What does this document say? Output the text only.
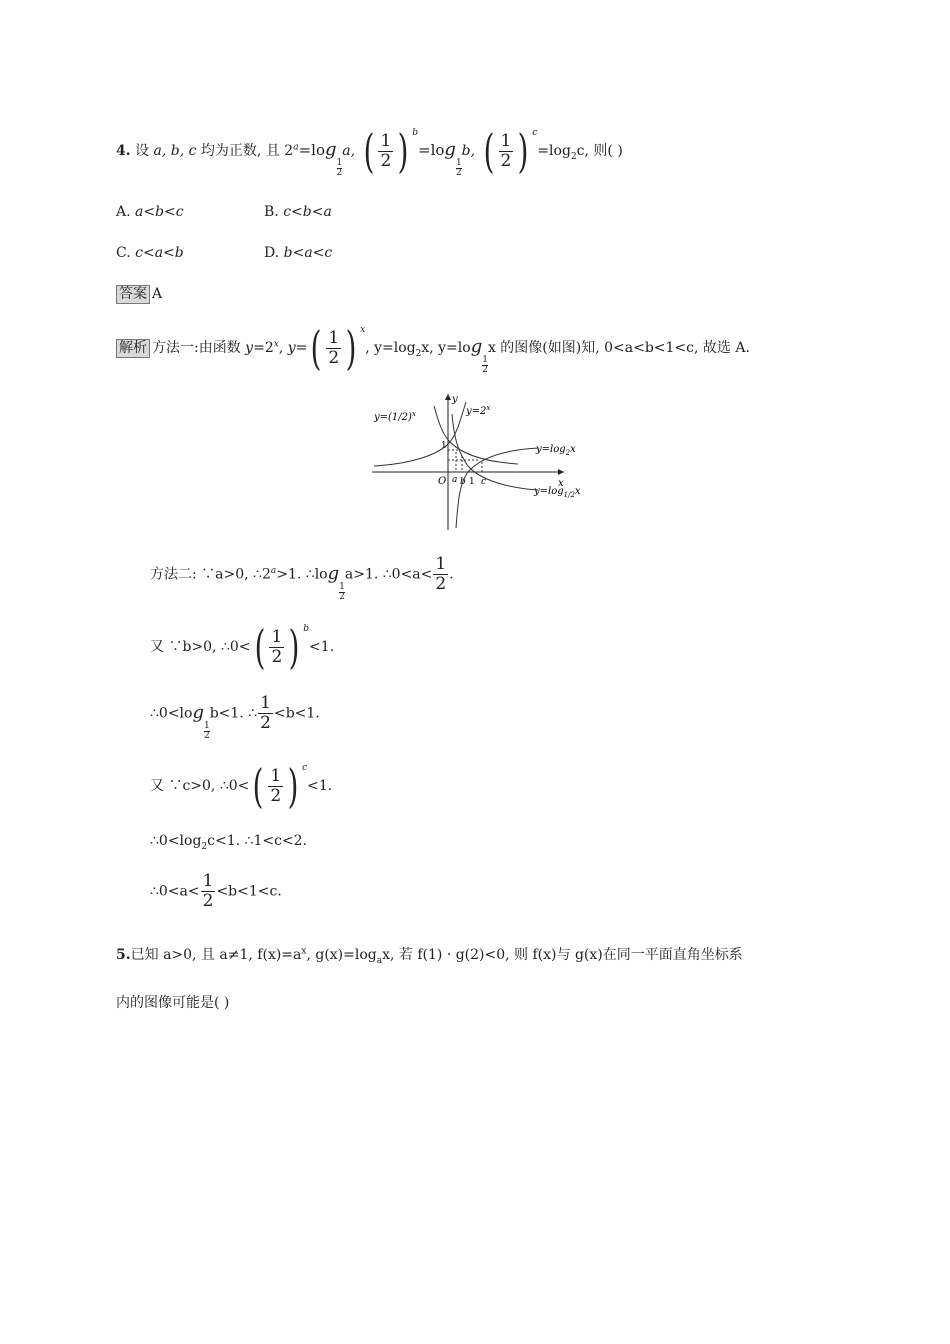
4. 设 a, b, c 均为正数, 且 $2^a=\log$
$\frac{1}{2}$
a, ( $\frac{1}{2}$ ) $^b$
=log
$\frac{1}{2}$
b, ( $\frac{1}{2}$ ) $^c$
$=\log_2c$, 则( )
A. a<b<c	B. c<b<a
C. c<a<b	D. b<a<c
答案 A
解析 方法一:由函数 $y=2^x$, y= ( $\frac{1}{2}$ ) $^x$
, $y=\log_2x$, y=log
$\frac{1}{2}$
x 的图像(如图)知, 0<a<b<1<c, 故选 A.
$y=(1/2)^x$	$y=2^x$
y
x
O a b 1 c
1	$y=\log_2x$
$y=\log_{1/2}x$
方法二: ∵a>0, $\therefore 2^a>1$. ∴log
$\frac{1}{2}$
a>1. ∴0<a< $\frac{1}{2}$ .
又 ∵b>0, ∴0< ( $\frac{1}{2}$ ) $^b$
<1.
∴0<log
$\frac{1}{2}$
b<1. ∴ $\frac{1}{2} <b<1$.
又 ∵c>0, ∴0< ( $\frac{1}{2}$ ) $^c$
<1.
$\therefore 0<\log_2c<1$. ∴1<c<2.
∴0<a< $\frac{1}{2} <b<1<c$.
5.已知 a>0, 且 a≠1, $f(x)=a^x$, $g(x)=\log_ax$, 若 f(1) · g(2)<0, 则 f(x)与 g(x)在同一平面直角坐标系
内的图像可能是( )
